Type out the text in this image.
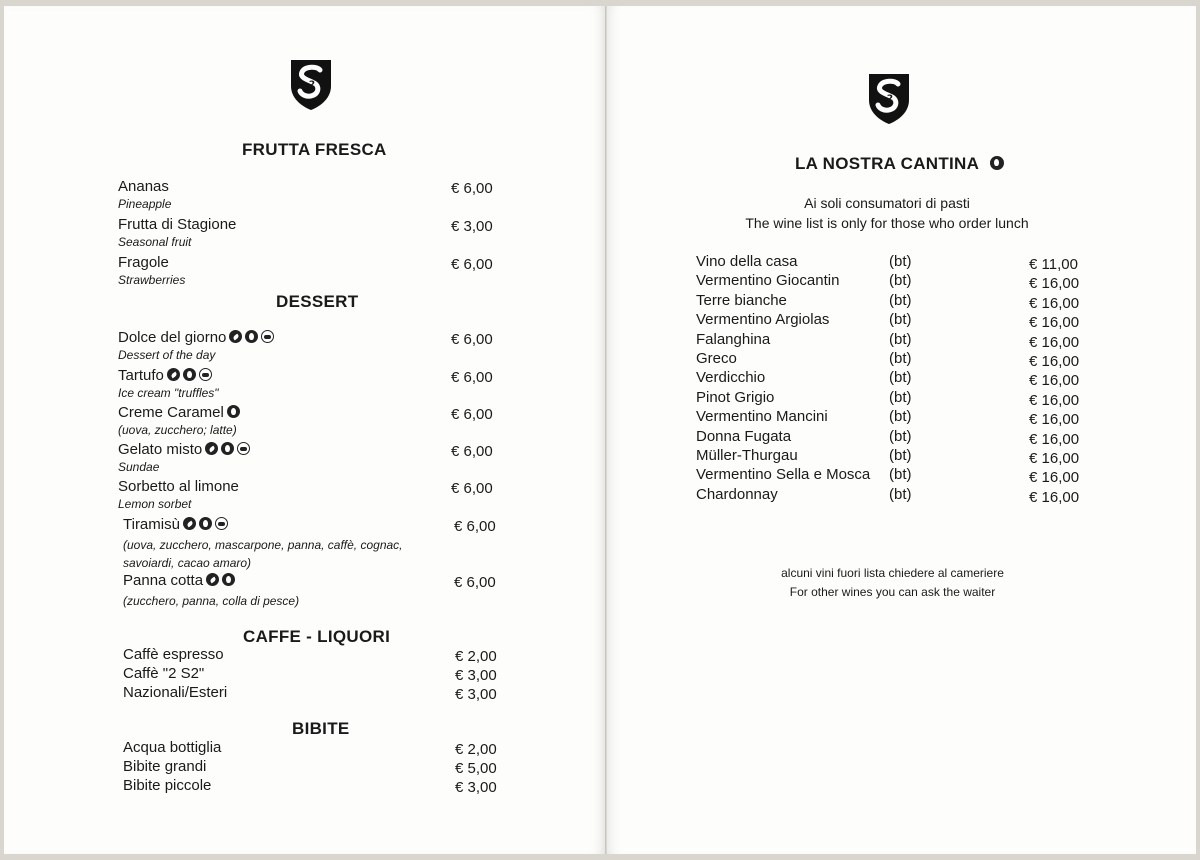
2
FRUTTA FRESCA
Ananas
Pineapple
€ 6,00
Frutta di Stagione
Seasonal fruit
€ 3,00
Fragole
Strawberries
€ 6,00
DESSERT
Dolce del giorno
Dessert of the day
€ 6,00
Tartufo
Ice cream "truffles"
€ 6,00
Creme Caramel
(uova, zucchero; latte)
€ 6,00
Gelato misto
Sundae
€ 6,00
Sorbetto al limone
Lemon sorbet
€ 6,00
Tiramisù
(uova, zucchero, mascarpone, panna, caffè, cognac,
savoiardi, cacao amaro)
€ 6,00
Panna cotta
(zucchero, panna, colla di pesce)
€ 6,00
CAFFE - LIQUORI
Caffè espresso	€ 2,00
Caffè "2 S2"	€ 3,00
Nazionali/Esteri	€ 3,00
BIBITE
Acqua bottiglia	€ 2,00
Bibite grandi	€ 5,00
Bibite piccole	€ 3,00
2
LA NOSTRA CANTINA
Ai soli consumatori di pasti
The wine list is only for those who order lunch
Vino della casa	(bt)	€ 11,00
Vermentino Giocantin	(bt)	€ 16,00
Terre bianche	(bt)	€ 16,00
Vermentino Argiolas	(bt)	€ 16,00
Falanghina	(bt)	€ 16,00
Greco	(bt)	€ 16,00
Verdicchio	(bt)	€ 16,00
Pinot Grigio	(bt)	€ 16,00
Vermentino Mancini	(bt)	€ 16,00
Donna Fugata	(bt)	€ 16,00
Müller-Thurgau	(bt)	€ 16,00
Vermentino Sella e Mosca (bt)	€ 16,00
Chardonnay	(bt)	€ 16,00
alcuni vini fuori lista chiedere al cameriere
For other wines you can ask the waiter
